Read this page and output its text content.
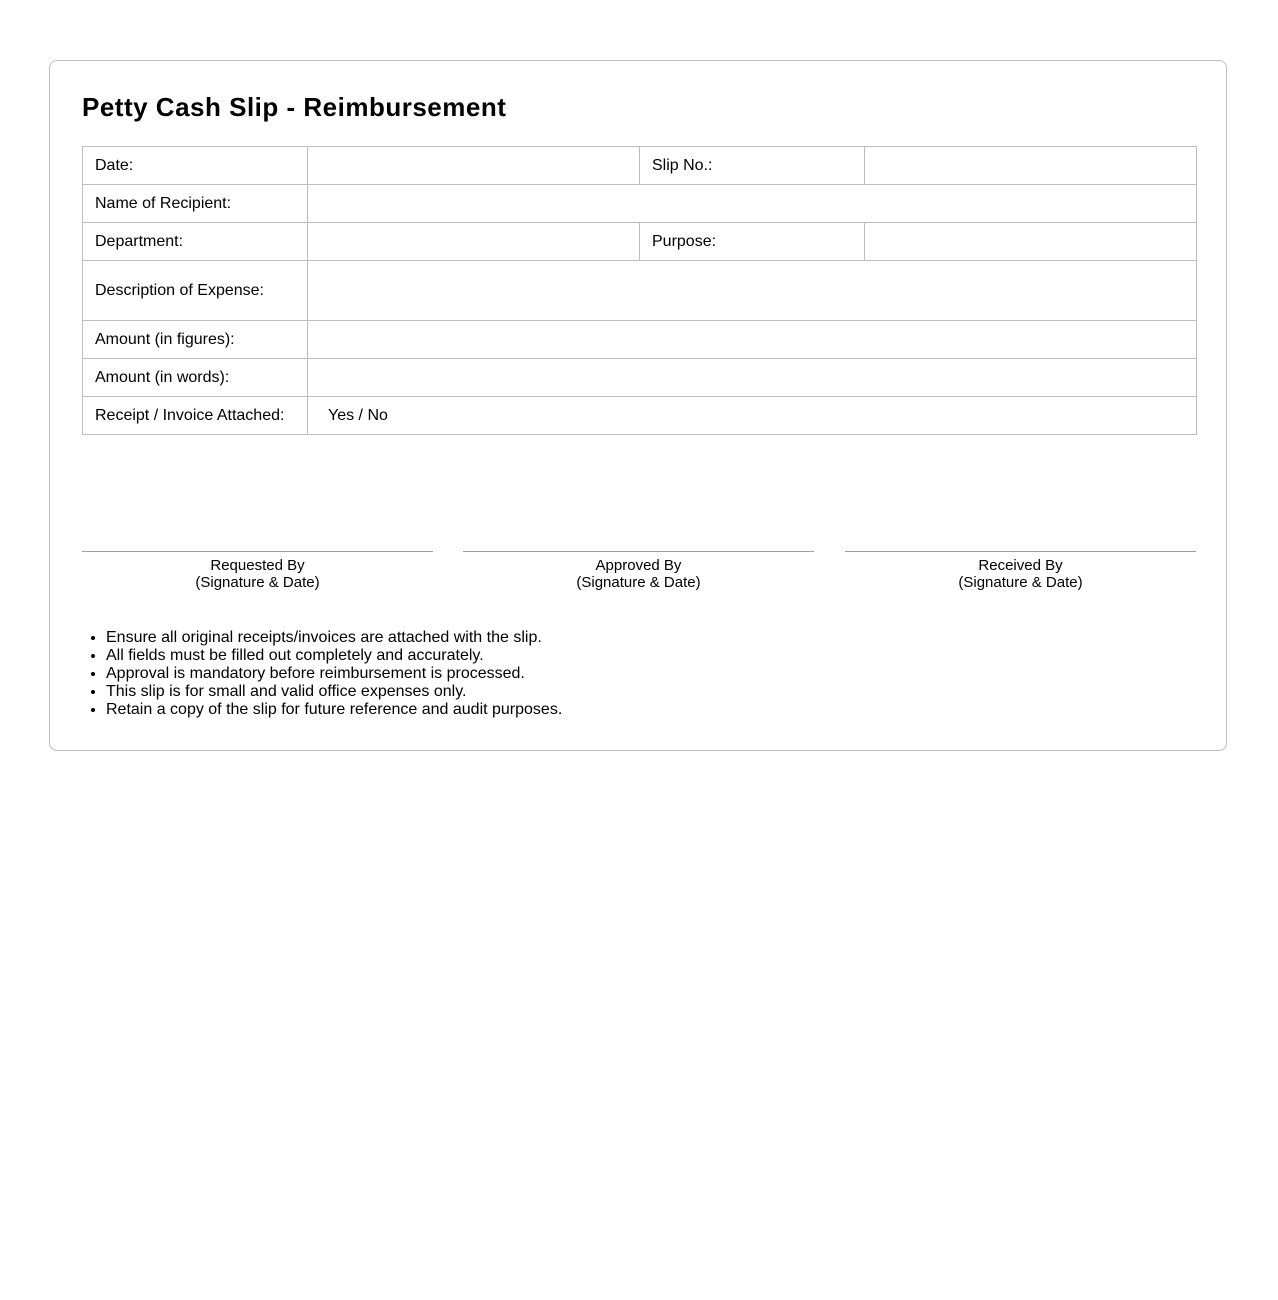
Petty Cash Slip - Reimbursement
Date:		Slip No.:	
Name of Recipient:			
Department:		Purpose:	
Description of Expense:			
Amount (in figures):			
Amount (in words):			
Receipt / Invoice Attached:	Yes / No		
Requested By
(Signature & Date)
Approved By
(Signature & Date)
Received By
(Signature & Date)
• Ensure all original receipts/invoices are attached with the slip.
• All fields must be filled out completely and accurately.
• Approval is mandatory before reimbursement is processed.
• This slip is for small and valid office expenses only.
• Retain a copy of the slip for future reference and audit purposes.
